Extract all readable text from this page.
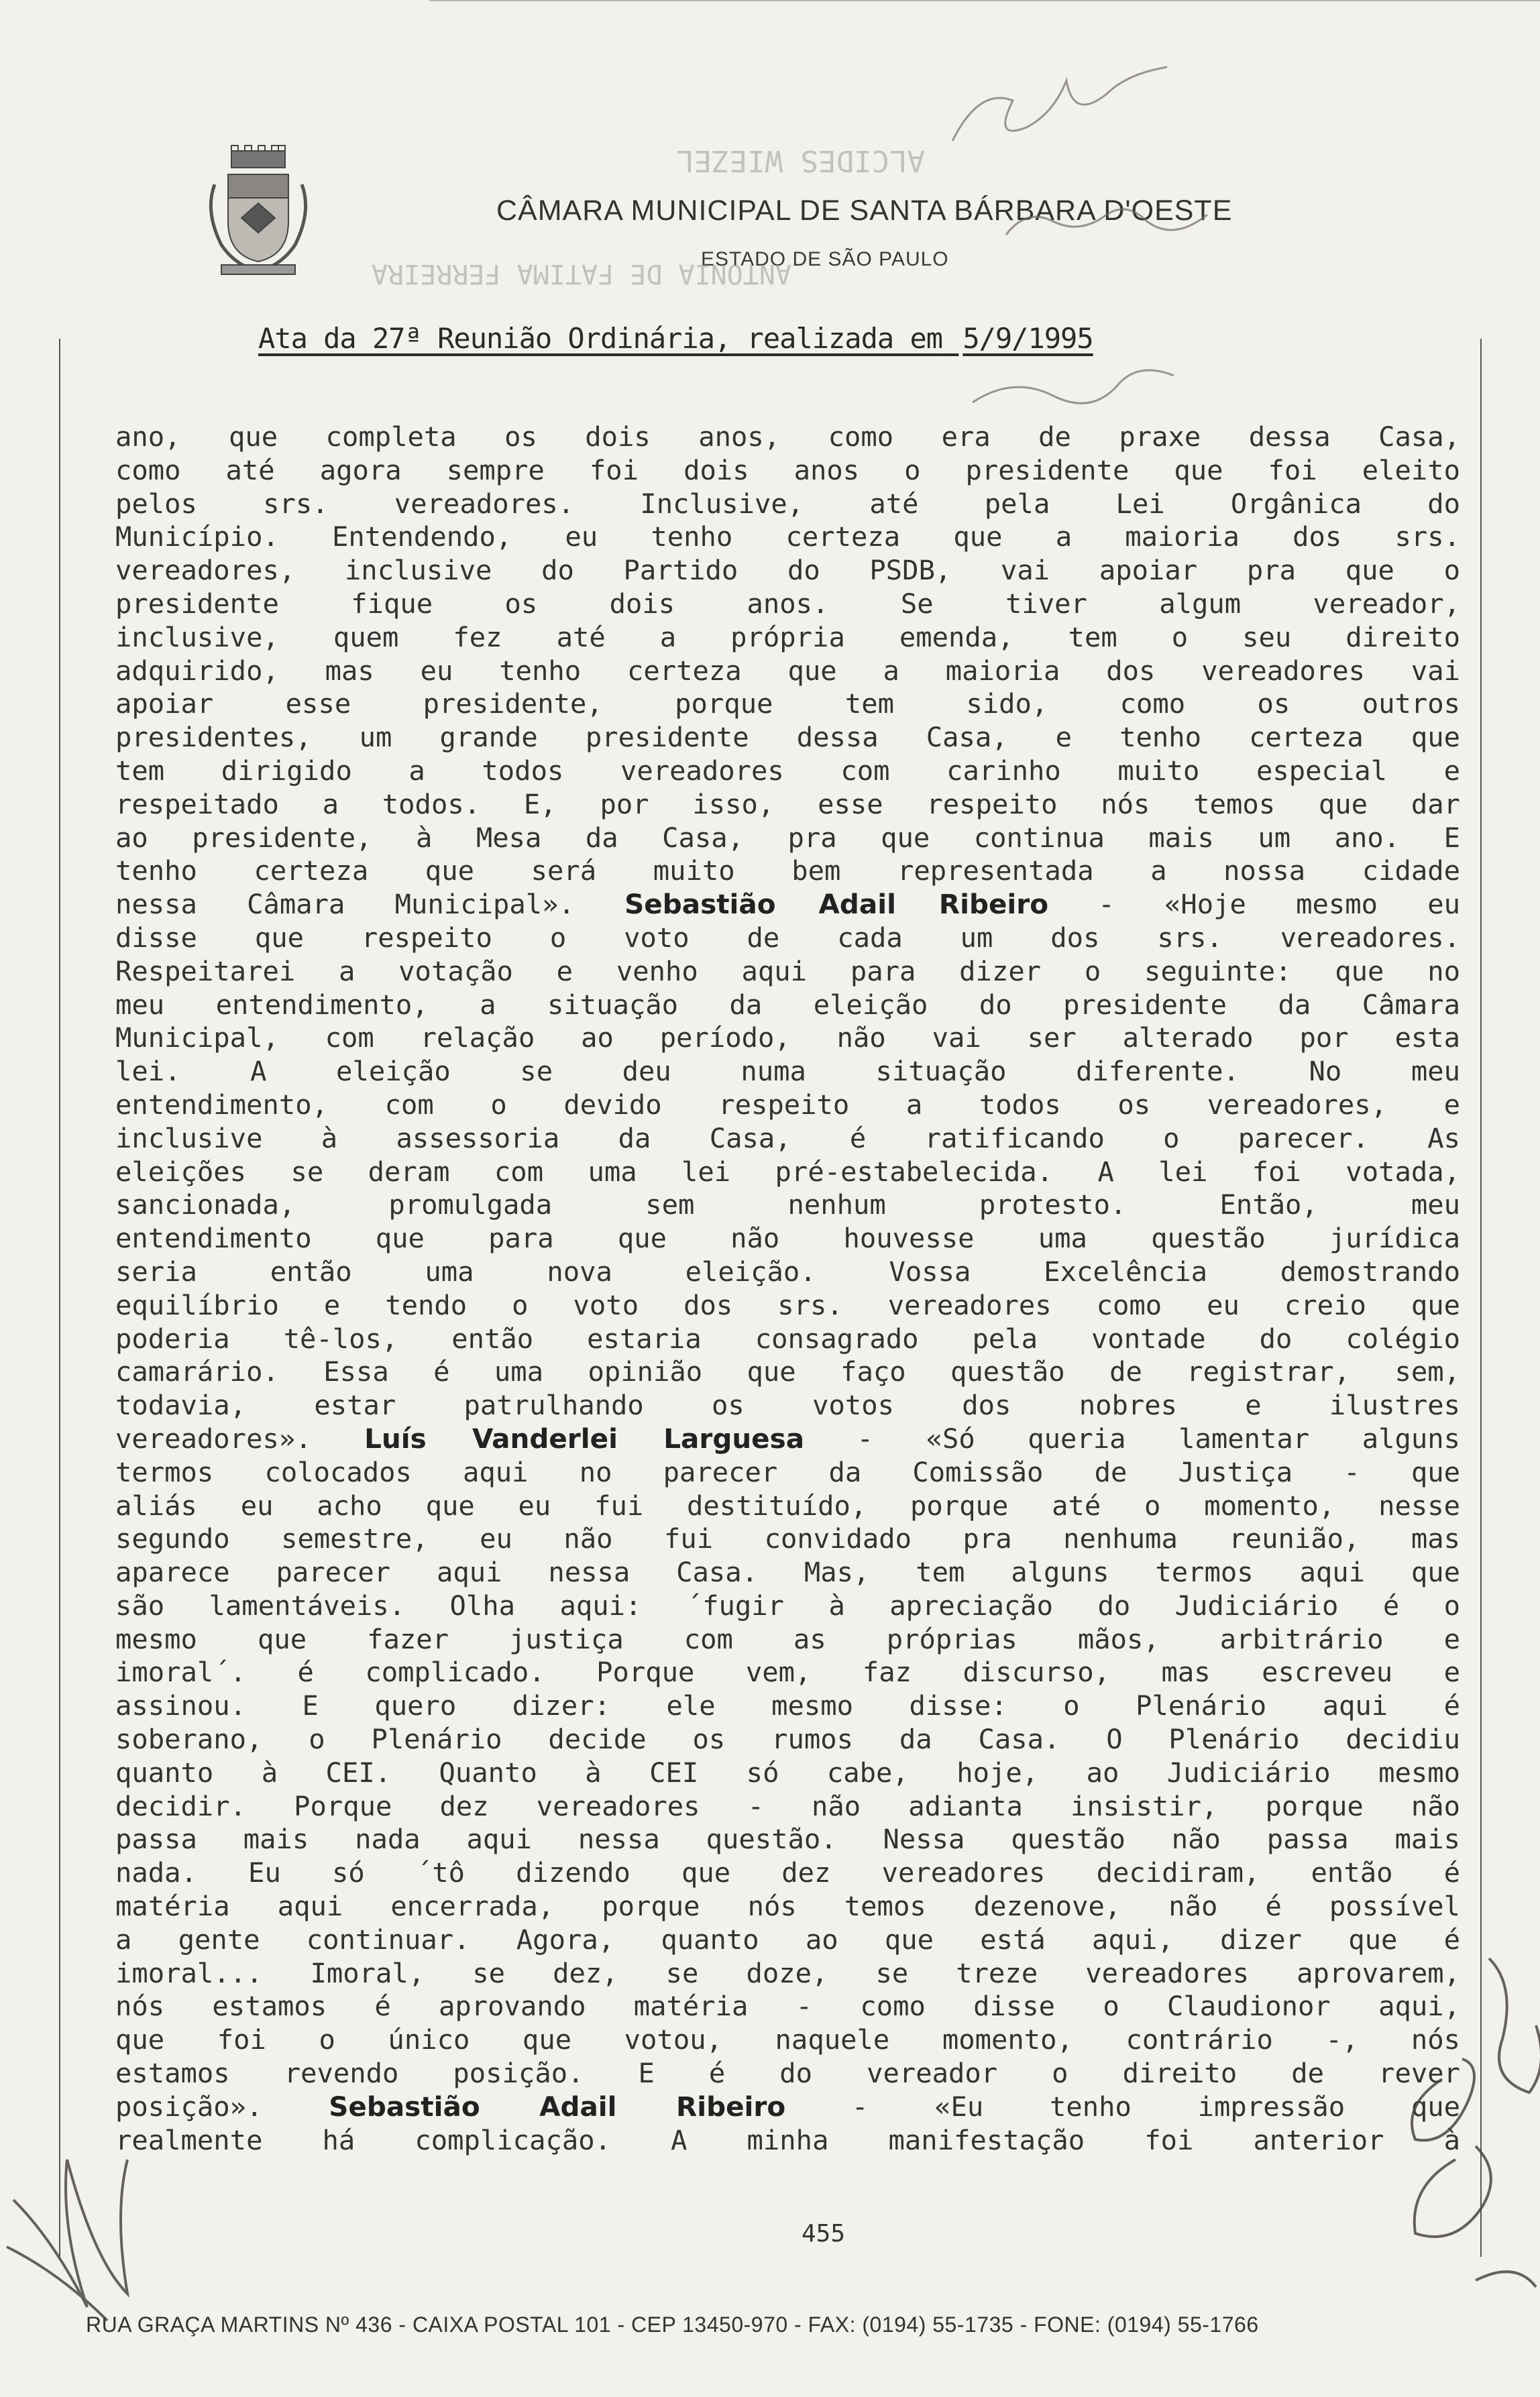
CÂMARA MUNICIPAL DE SANTA BÁRBARA D'OESTE
ESTADO DE SÃO PAULO
Ata da 27ª Reunião Ordinária, realizada em 5/9/1995
ano, que completa os dois anos, como era de praxe dessa Casa,
como até agora sempre foi dois anos o presidente que foi eleito
pelos srs. vereadores. Inclusive, até pela Lei Orgânica do
Município. Entendendo, eu tenho certeza que a maioria dos srs.
vereadores, inclusive do Partido do PSDB, vai apoiar pra que o
presidente fique os dois anos. Se tiver algum vereador,
inclusive, quem fez até a própria emenda, tem o seu direito
adquirido, mas eu tenho certeza que a maioria dos vereadores vai
apoiar esse presidente, porque tem sido, como os outros
presidentes, um grande presidente dessa Casa, e tenho certeza que
tem dirigido a todos vereadores com carinho muito especial e
respeitado a todos. E, por isso, esse respeito nós temos que dar
ao presidente, à Mesa da Casa, pra que continua mais um ano. E
tenho certeza que será muito bem representada a nossa cidade
nessa Câmara Municipal». Sebastião Adail Ribeiro - «Hoje mesmo eu
disse que respeito o voto de cada um dos srs. vereadores.
Respeitarei a votação e venho aqui para dizer o seguinte: que no
meu entendimento, a situação da eleição do presidente da Câmara
Municipal, com relação ao período, não vai ser alterado por esta
lei. A eleição se deu numa situação diferente. No meu
entendimento, com o devido respeito a todos os vereadores, e
inclusive à assessoria da Casa, é ratificando o parecer. As
eleições se deram com uma lei pré-estabelecida. A lei foi votada,
sancionada, promulgada sem nenhum protesto. Então, meu
entendimento que para que não houvesse uma questão jurídica
seria então uma nova eleição. Vossa Excelência demostrando
equilíbrio e tendo o voto dos srs. vereadores como eu creio que
poderia tê-los, então estaria consagrado pela vontade do colégio
camarário. Essa é uma opinião que faço questão de registrar, sem,
todavia, estar patrulhando os votos dos nobres e ilustres
vereadores». Luís Vanderlei Larguesa - «Só queria lamentar alguns
termos colocados aqui no parecer da Comissão de Justiça - que
aliás eu acho que eu fui destituído, porque até o momento, nesse
segundo semestre, eu não fui convidado pra nenhuma reunião, mas
aparece parecer aqui nessa Casa. Mas, tem alguns termos aqui que
são lamentáveis. Olha aqui: ´fugir à apreciação do Judiciário é o
mesmo que fazer justiça com as próprias mãos, arbitrário e
imoral´. é complicado. Porque vem, faz discurso, mas escreveu e
assinou. E quero dizer: ele mesmo disse: o Plenário aqui é
soberano, o Plenário decide os rumos da Casa. O Plenário decidiu
quanto à CEI. Quanto à CEI só cabe, hoje, ao Judiciário mesmo
decidir. Porque dez vereadores - não adianta insistir, porque não
passa mais nada aqui nessa questão. Nessa questão não passa mais
nada. Eu só ´tô dizendo que dez vereadores decidiram, então é
matéria aqui encerrada, porque nós temos dezenove, não é possível
a gente continuar. Agora, quanto ao que está aqui, dizer que é
imoral... Imoral, se dez, se doze, se treze vereadores aprovarem,
nós estamos é aprovando matéria - como disse o Claudionor aqui,
que foi o único que votou, naquele momento, contrário -, nós
estamos revendo posição. E é do vereador o direito de rever
posição». Sebastião Adail Ribeiro - «Eu tenho impressão que
realmente há complicação. A minha manifestação foi anterior à
455
RUA GRAÇA MARTINS Nº 436 - CAIXA POSTAL 101 - CEP 13450-970 - FAX: (0194) 55-1735 - FONE: (0194) 55-1766
ALCIDES WIEZEL
ANTONIA DE FATIMA FERREIRA
